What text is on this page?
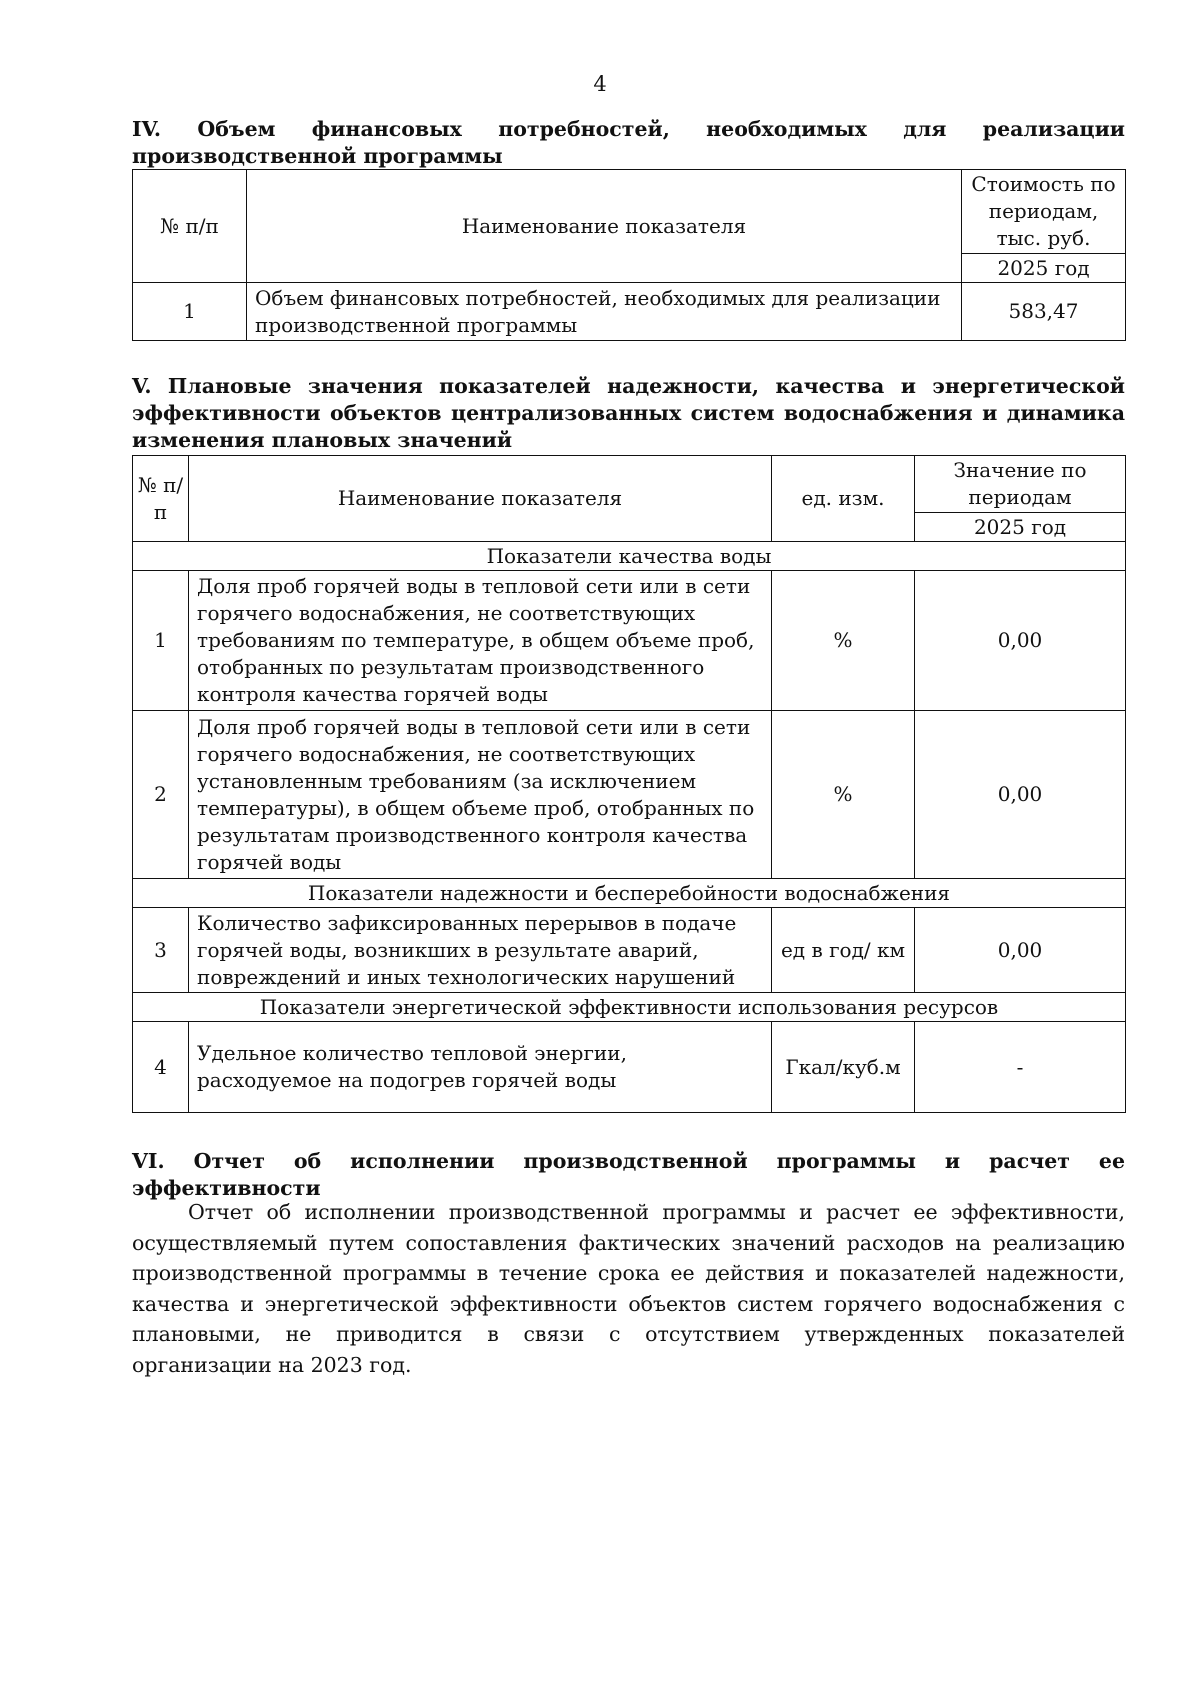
4
IV. Объем финансовых потребностей, необходимых для реализации производственной программы
№ п/п	Наименование показателя	Стоимость по периодам, тыс. руб.
		2025 год
1	Объем финансовых потребностей, необходимых для реализации производственной программы	583,47
V. Плановые значения показателей надежности, качества и энергетической эффективности объектов централизованных систем водоснабжения и динамика изменения плановых значений
№ п/п	Наименование показателя	ед. изм.	Значение по периодам
			2025 год
Показатели качества воды			
1	Доля проб горячей воды в тепловой сети или в сети горячего водоснабжения, не соответствующих требованиям по температуре, в общем объеме проб, отобранных по результатам производственного контроля качества горячей воды	%	0,00
2	Доля проб горячей воды в тепловой сети или в сети горячего водоснабжения, не соответствующих установленным требованиям (за исключением температуры), в общем объеме проб, отобранных по результатам производственного контроля качества горячей воды	%	0,00
Показатели надежности и бесперебойности водоснабжения			
3	Количество зафиксированных перерывов в подаче горячей воды, возникших в результате аварий, повреждений и иных технологических нарушений	ед в год/ км	0,00
Показатели энергетической эффективности использования ресурсов			
4	Удельное количество тепловой энергии, расходуемое на подогрев горячей воды	Гкал/куб.м	-
VI. Отчет об исполнении производственной программы и расчет ее эффективности

Отчет об исполнении производственной программы и расчет ее эффективности, осуществляемый путем сопоставления фактических значений расходов на реализацию производственной программы в течение срока ее действия и показателей надежности, качества и энергетической эффективности объектов систем горячего водоснабжения с плановыми, не приводится в связи с отсутствием утвержденных показателей организации на 2023 год.
